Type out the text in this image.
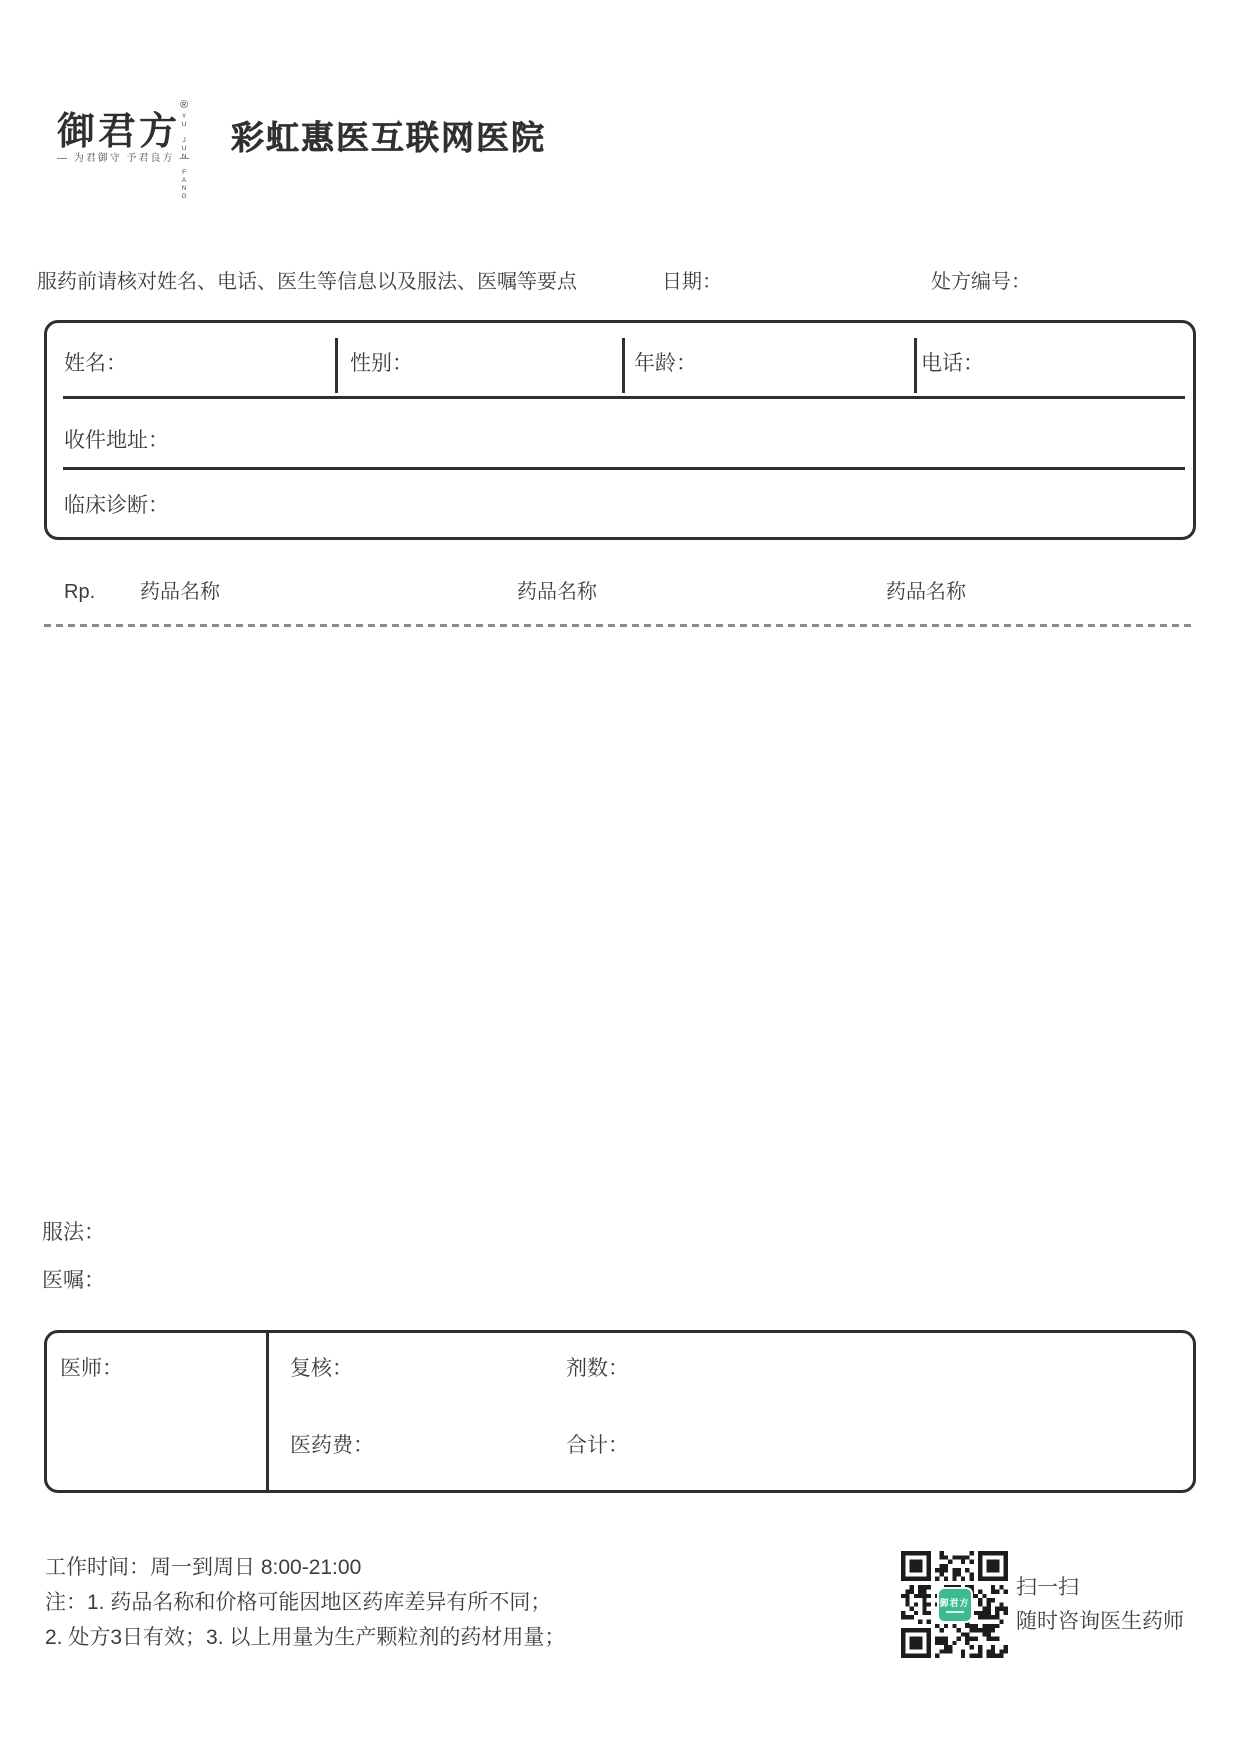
御君方
®
YU JUN FANG
— 为君御守 予君良方 —
彩虹惠医互联网医院
服药前请核对姓名、电话、医生等信息以及服法、医嘱等要点	日期：	处方编号：
姓名：	性别：	年龄：	电话：
收件地址：
临床诊断：
Rp. 药品名称	药品名称	药品名称
服法：
医嘱：
医师：	复核：	剂数：
医药费：	合计：
工作时间：周一到周日 8:00-21:00
注：1. 药品名称和价格可能因地区药库差异有所不同；
2. 处方3日有效；3. 以上用量为生产颗粒剂的药材用量；
御君方
扫一扫
随时咨询医生药师
